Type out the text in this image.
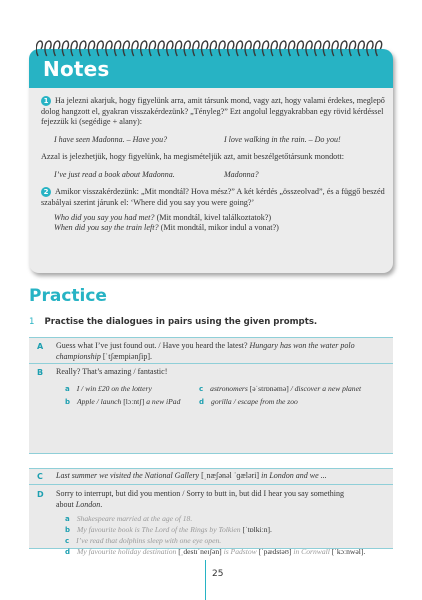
Notes

1 Ha jelezni akarjuk, hogy figyelünk arra, amit társunk mond, vagy azt, hogy valami érdekes, meglepő dolog hangzott el, gyakran visszakérdezünk? „Tényleg?” Ezt angolul leggyakrabban egy rövid kérdéssel fejezzük ki (segédige + alany):

I have seen Madonna. – Have you?	I love walking in the rain. – Do you!

Azzal is jelezhetjük, hogy figyelünk, ha megismételjük azt, amit beszélgetőtársunk mondott:

I’ve just read a book about Madonna.	Madonna?

2 Amikor visszakérdezünk: „Mit mondtál? Hova mész?” A két kérdés „összeolvad”, és a függő beszéd szabályai szerint járunk el: ‘Where did you say you were going?’

Who did you say you had met? (Mit mondtál, kivel találkoztatok?)

When did you say the train left? (Mit mondtál, mikor indul a vonat?)

Practice
1 Practise the dialogues in pairs using the given prompts.
A Guess what I’ve just found out. / Have you heard the latest? Hungary has won the water polo
championship [ˈtʃæmpiənʃip].
B Really? That’s amazing / fantastic!
a I / win £20 on the lottery	c astronomers [əˈstrɒnəmə] / discover a new planet
b Apple / launch [lɔːntʃ] a new iPad	d gorilla / escape from the zoo
C Last summer we visited the National Gallery [ˌnæʃənəl ˈɡæləri] in London and we ...
D Sorry to interrupt, but did you mention / Sorry to butt in, but did I hear you say something
about London.
a Shakespeare married at the age of 18.
b My favourite book is The Lord of the Rings by Tolkien [ˈtɒlkiːn].
c I’ve read that dolphins sleep with one eye open.
d My favourite holiday destination [ˌdestɪˈneɪʃən] is Padstow [ˈpædstəʊ] in Cornwall [ˈkɔːnwəl].
25
